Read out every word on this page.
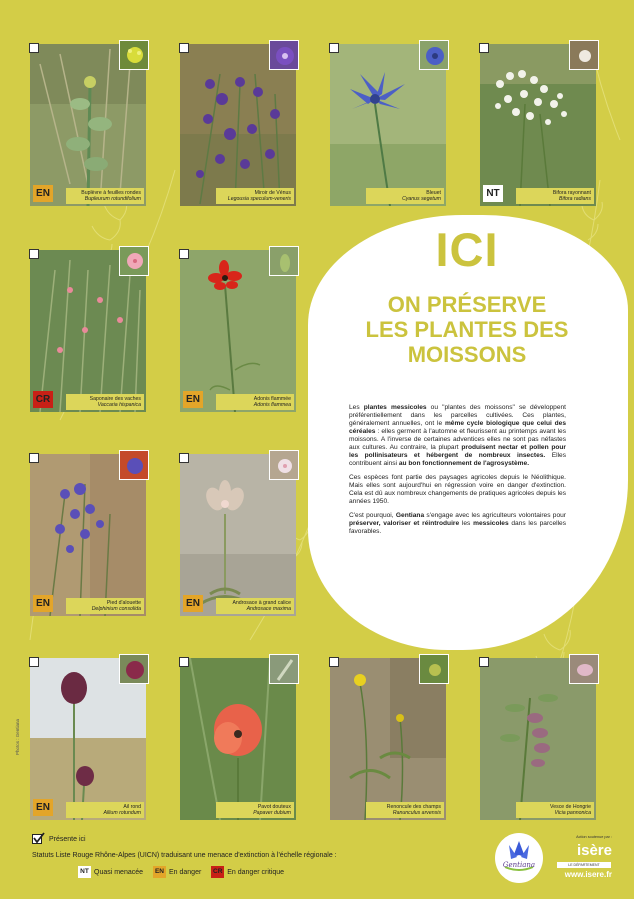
Buplèvre à feuilles rondes
Bupleurum rotundifolium
EN	Miroir de Vénus
Legousia speculum-veneris
Bleuet
Cyanus segetum
Bifora rayonnant
Bifora radians
NT
Saponaire des vaches
Vaccaria hispanica
CR	Adonis flammée
Adonis flammea
EN
Pied d'alouette
Delphinium consolida
EN	Androsace à grand calice
Androsace maxima
EN
Ail rond
Allium rotundum
EN	Pavot douteux
Papaver dubium
Renoncule des champs
Ranunculus arvensis
Vesce de Hongrie
Vicia pannonica
ICI
ON PRÉSERVE
LES PLANTES DES
MOISSONS

Les plantes messicoles ou "plantes des moissons" se développent préférentiellement dans les parcelles cultivées. Ces plantes, généralement annuelles, ont le même cycle biologique que celui des céréales : elles germent à l'automne et fleurissent au printemps avant les moissons. A l'inverse de certaines adventices elles ne sont pas néfastes aux cultures. Au contraire, la plupart produisent nectar et pollen pour les pollinisateurs et hébergent de nombreux insectes. Elles contribuent ainsi au bon fonctionnement de l'agrosystème.

Ces espèces font partie des paysages agricoles depuis le Néolithique. Mais elles sont aujourd'hui en régression voire en danger d'extinction. Cela est dû aux nombreux changements de pratiques agricoles depuis les années 1950.

C'est pourquoi, Gentiana s'engage avec les agriculteurs volontaires pour préserver, valoriser et réintroduire les messicoles dans les parcelles favorables.

Photos : Gentiana
Présente ici
Statuts Liste Rouge Rhône-Alpes (UICN) traduisant une menace d'extinction à l'échelle régionale :
NT Quasi menacée EN En danger CR En danger critique
Gentiana
Action soutenue par :
isère
LE DÉPARTEMENT
www.isere.fr
